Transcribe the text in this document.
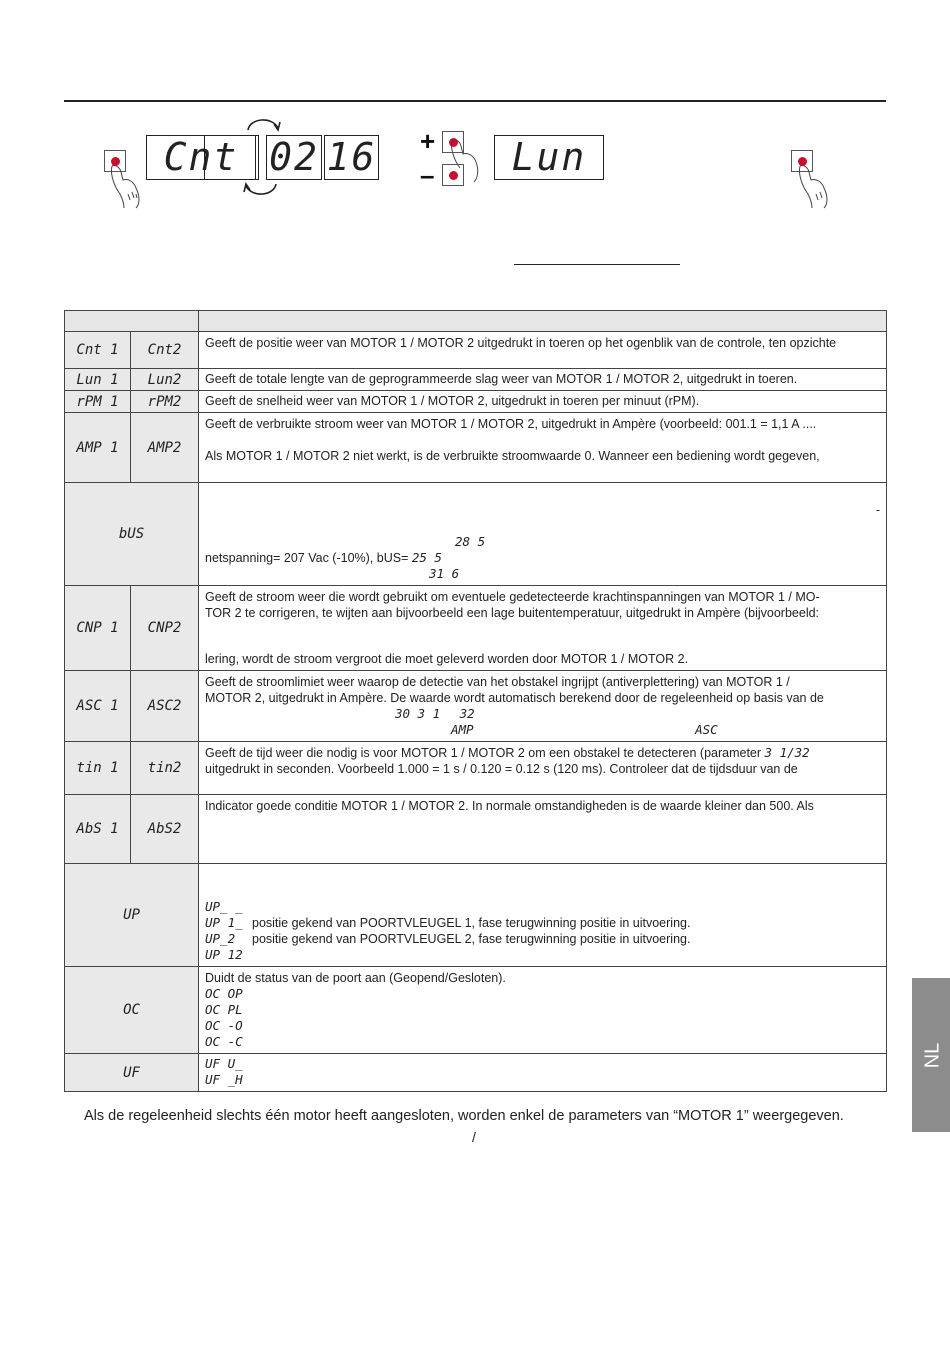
Cnt 02 16 +
–	Lun

Cnt 1	Cnt2	Geeft de positie weer van MOTOR 1 / MOTOR 2 uitgedrukt in toeren op het ogenblik van de controle, ten opzichte

Lun 1	Lun2	Geeft de totale lengte van de geprogrammeerde slag weer van MOTOR 1 / MOTOR 2, uitgedrukt in toeren.

rPM 1	rPM2	Geeft de snelheid weer van MOTOR 1 / MOTOR 2, uitgedrukt in toeren per minuut (rPM).

AMP 1	AMP2	Geeft de verbruikte stroom weer van MOTOR 1 / MOTOR 2, uitgedrukt in Ampère (voorbeeld: 001.1 = 1,1 A ....
Als MOTOR 1 / MOTOR 2 niet werkt, is de verbruikte stroomwaarde 0. Wanneer een bediening wordt gegeven,

bUS		-
28 5
netspanning= 207 Vac (-10%), bUS= 25 5
31 6

CNP 1	CNP2	Geeft de stroom weer die wordt gebruikt om eventuele gedetecteerde krachtinspanningen van MOTOR 1 / MO-
TOR 2 te corrigeren, te wijten aan bijvoorbeeld een lage buitentemperatuur, uitgedrukt in Ampère (bijvoorbeeld:
lering, wordt de stroom vergroot die moet geleverd worden door MOTOR 1 / MOTOR 2.

ASC 1	ASC2	Geeft de stroomlimiet weer waarop de detectie van het obstakel ingrijpt (antiverplettering) van MOTOR 1 /
MOTOR 2, uitgedrukt in Ampère. De waarde wordt automatisch berekend door de regeleenheid op basis van de
30 3 1 32
AMP ASC

tin 1	tin2	Geeft de tijd weer die nodig is voor MOTOR 1 / MOTOR 2 om een obstakel te detecteren (parameter 3 1/32
uitgedrukt in seconden. Voorbeeld 1.000 = 1 s / 0.120 = 0.12 s (120 ms). Controleer dat de tijdsduur van de

AbS 1	AbS2	Indicator goede conditie MOTOR 1 / MOTOR 2. In normale omstandigheden is de waarde kleiner dan 500. Als

UP		UP_ _
UP 1_ positie gekend van POORTVLEUGEL 1, fase terugwinning positie in uitvoering.
UP_2 positie gekend van POORTVLEUGEL 2, fase terugwinning positie in uitvoering.
UP 12

OC		Duidt de status van de poort aan (Geopend/Gesloten).
OC OP
OC PL
OC -O
OC -C

UF		UF U_
UF _H
Als de regeleenheid slechts één motor heeft aangesloten, worden enkel de parameters van “MOTOR 1” weergegeven.
/
NL
